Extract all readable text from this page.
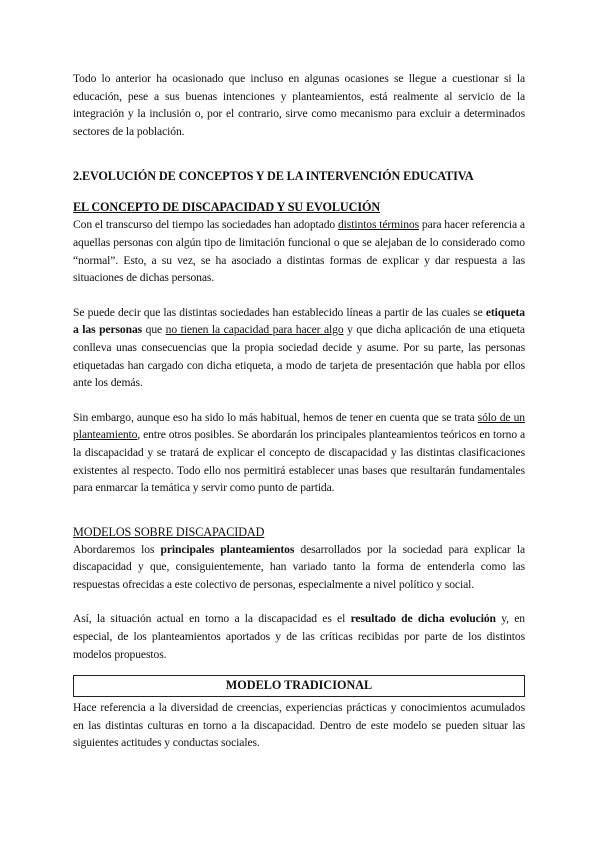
Todo lo anterior ha ocasionado que incluso en algunas ocasiones se llegue a cuestionar si la educación, pese a sus buenas intenciones y planteamientos, está realmente al servicio de la integración y la inclusión o, por el contrario, sirve como mecanismo para excluir a determinados sectores de la población.

2.EVOLUCIÓN DE CONCEPTOS Y DE LA INTERVENCIÓN EDUCATIVA
EL CONCEPTO DE DISCAPACIDAD Y SU EVOLUCIÓN

Con el transcurso del tiempo las sociedades han adoptado distintos términos para hacer referencia a aquellas personas con algún tipo de limitación funcional o que se alejaban de lo considerado como “normal”. Esto, a su vez, se ha asociado a distintas formas de explicar y dar respuesta a las situaciones de dichas personas.

Se puede decir que las distintas sociedades han establecido líneas a partir de las cuales se etiqueta a las personas que no tienen la capacidad para hacer algo y que dicha aplicación de una etiqueta conlleva unas consecuencias que la propia sociedad decide y asume. Por su parte, las personas etiquetadas han cargado con dicha etiqueta, a modo de tarjeta de presentación que habla por ellos ante los demás.

Sin embargo, aunque eso ha sido lo más habitual, hemos de tener en cuenta que se trata sólo de un planteamiento, entre otros posibles. Se abordarán los principales planteamientos teóricos en torno a la discapacidad y se tratará de explicar el concepto de discapacidad y las distintas clasificaciones existentes al respecto. Todo ello nos permitirá establecer unas bases que resultarán fundamentales para enmarcar la temática y servir como punto de partida.

MODELOS SOBRE DISCAPACIDAD

Abordaremos los principales planteamientos desarrollados por la sociedad para explicar la discapacidad y que, consiguientemente, han variado tanto la forma de entenderla como las respuestas ofrecidas a este colectivo de personas, especialmente a nivel político y social.

Así, la situación actual en torno a la discapacidad es el resultado de dicha evolución y, en especial, de los planteamientos aportados y de las críticas recibidas por parte de los distintos modelos propuestos.

MODELO TRADICIONAL

Hace referencia a la diversidad de creencias, experiencias prácticas y conocimientos acumulados en las distintas culturas en torno a la discapacidad. Dentro de este modelo se pueden situar las siguientes actitudes y conductas sociales.
